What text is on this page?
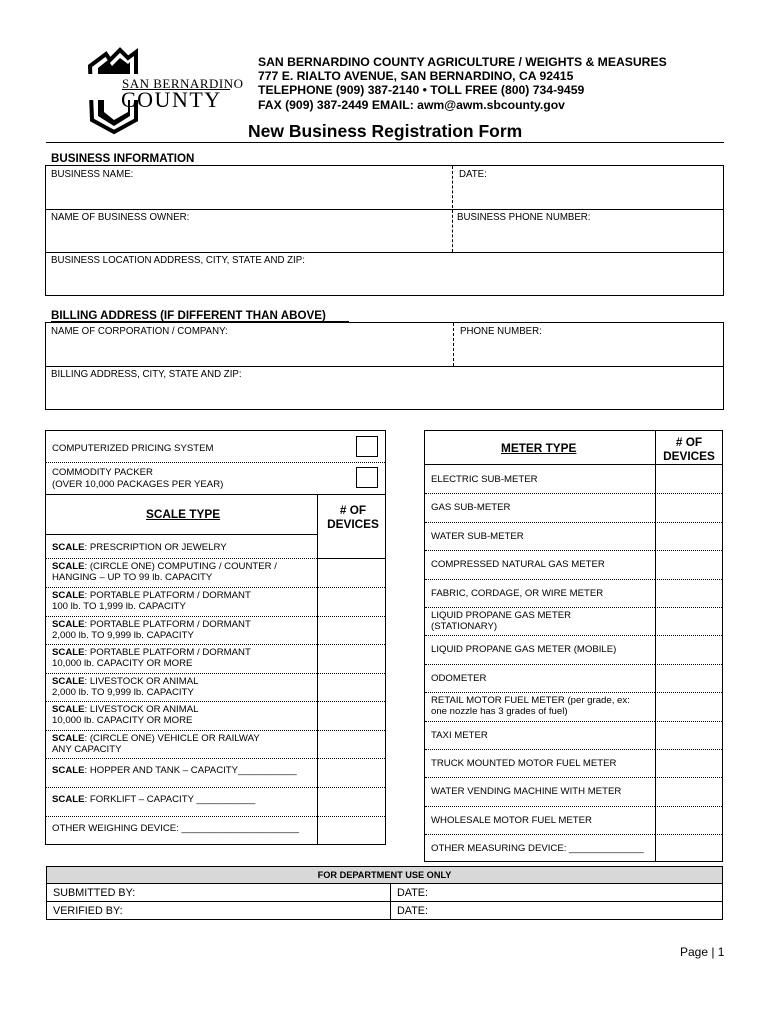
SAN BERNARDINO
COUNTY
SAN BERNARDINO COUNTY AGRICULTURE / WEIGHTS & MEASURES
777 E. RIALTO AVENUE, SAN BERNARDINO, CA 92415
TELEPHONE (909) 387-2140 • TOLL FREE (800) 734-9459
FAX (909) 387-2449 EMAIL: awm@awm.sbcounty.gov
New Business Registration Form
BUSINESS INFORMATION
BUSINESS NAME:	DATE:
NAME OF BUSINESS OWNER:	BUSINESS PHONE NUMBER:
BUSINESS LOCATION ADDRESS, CITY, STATE AND ZIP:
BILLING ADDRESS (IF DIFFERENT THAN ABOVE)
NAME OF CORPORATION / COMPANY:	PHONE NUMBER:
BILLING ADDRESS, CITY, STATE AND ZIP:
COMPUTERIZED PRICING SYSTEM
COMMODITY PACKER
(OVER 10,000 PACKAGES PER YEAR)
SCALE TYPE	# OF
DEVICES
SCALE: PRESCRIPTION OR JEWELRY
SCALE: (CIRCLE ONE) COMPUTING / COUNTER /
HANGING – UP TO 99 lb. CAPACITY
SCALE: PORTABLE PLATFORM / DORMANT
100 lb. TO 1,999 lb. CAPACITY
SCALE: PORTABLE PLATFORM / DORMANT
2,000 lb. TO 9,999 lb. CAPACITY
SCALE: PORTABLE PLATFORM / DORMANT
10,000 lb. CAPACITY OR MORE
SCALE: LIVESTOCK OR ANIMAL
2,000 lb. TO 9,999 lb. CAPACITY
SCALE: LIVESTOCK OR ANIMAL
10,000 lb. CAPACITY OR MORE
SCALE: (CIRCLE ONE) VEHICLE OR RAILWAY
ANY CAPACITY
SCALE: HOPPER AND TANK – CAPACITY___________
SCALE: FORKLIFT – CAPACITY ___________
OTHER WEIGHING DEVICE: ______________________
METER TYPE	# OF
DEVICES
ELECTRIC SUB-METER
GAS SUB-METER
WATER SUB-METER
COMPRESSED NATURAL GAS METER
FABRIC, CORDAGE, OR WIRE METER
LIQUID PROPANE GAS METER
(STATIONARY)
LIQUID PROPANE GAS METER (MOBILE)
ODOMETER
RETAIL MOTOR FUEL METER (per grade, ex:
one nozzle has 3 grades of fuel)
TAXI METER
TRUCK MOUNTED MOTOR FUEL METER
WATER VENDING MACHINE WITH METER
WHOLESALE MOTOR FUEL METER
OTHER MEASURING DEVICE: ______________
FOR DEPARTMENT USE ONLY	
SUBMITTED BY:	DATE:
VERIFIED BY:	DATE:
Page | 1
